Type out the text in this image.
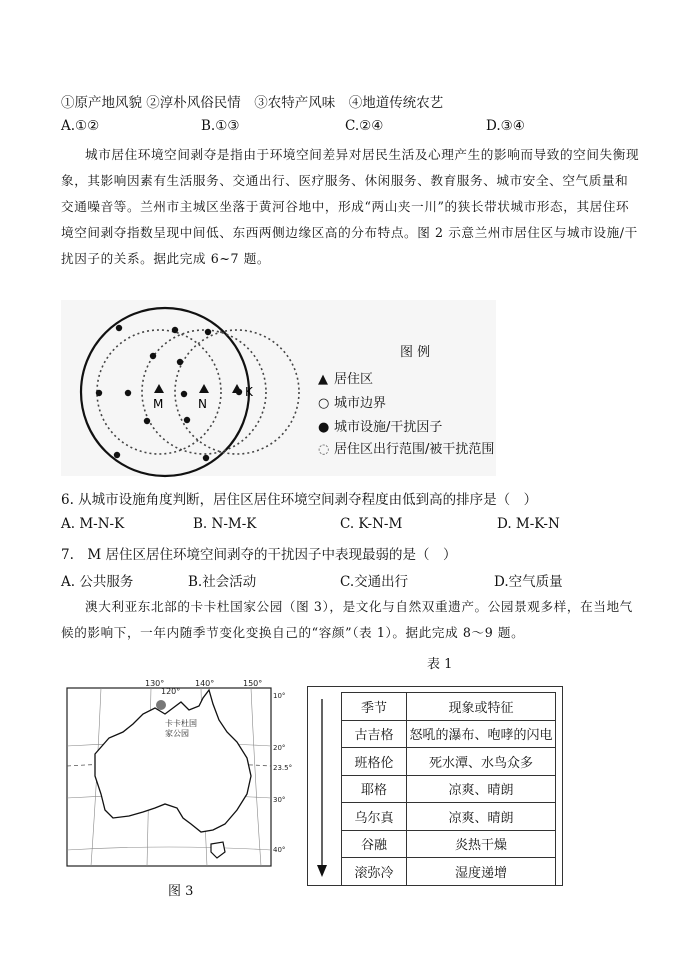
①原产地风貌 ②淳朴风俗民情　③农特产风味　④地道传统农艺
A.①②	B.①③	C.②④	D.③④
城市居住环境空间剥夺是指由于环境空间差异对居民生活及心理产生的影响而导致的空间失衡现象，其影响因素有生活服务、交通出行、医疗服务、休闲服务、教育服务、城市安全、空气质量和交通噪音等。兰州市主城区坐落于黄河谷地中，形成“两山夹一川”的狭长带状城市形态，其居住环境空间剥夺指数呈现中间低、东西两侧边缘区高的分布特点。图 2 示意兰州市居住区与城市设施/干扰因子的关系。据此完成 6~7 题。
M	N
K
图 例
▲ 居住区
○ 城市边界
● 城市设施/干扰因子
◌ 居住区出行范围/被干扰范围
6. 从城市设施角度判断，居住区居住环境空间剥夺程度由低到高的排序是（　）
A. M-N-K	B. N-M-K	C. K-N-M	D. M-K-N
7.　M 居住区居住环境空间剥夺的干扰因子中表现最弱的是（　）
A. 公共服务	B.社会活动	C.交通出行	D.空气质量
澳大利亚东北部的卡卡杜国家公园（图 3），是文化与自然双重遗产。公园景观多样，在当地气候的影响下，一年内随季节变化变换自己的“容颜”（表 1）。据此完成 8～9 题。
表 1
120°
130°	140°	150°
卡卡杜国
家公园
10°
20°
23.5°
30°
40°
图 3
季节	现象或特征
古吉格	怒吼的瀑布、咆哮的闪电
班格伦	死水潭、水鸟众多
耶格	凉爽、晴朗
乌尔真	凉爽、晴朗
谷融	炎热干燥
滚弥冷	湿度递增
